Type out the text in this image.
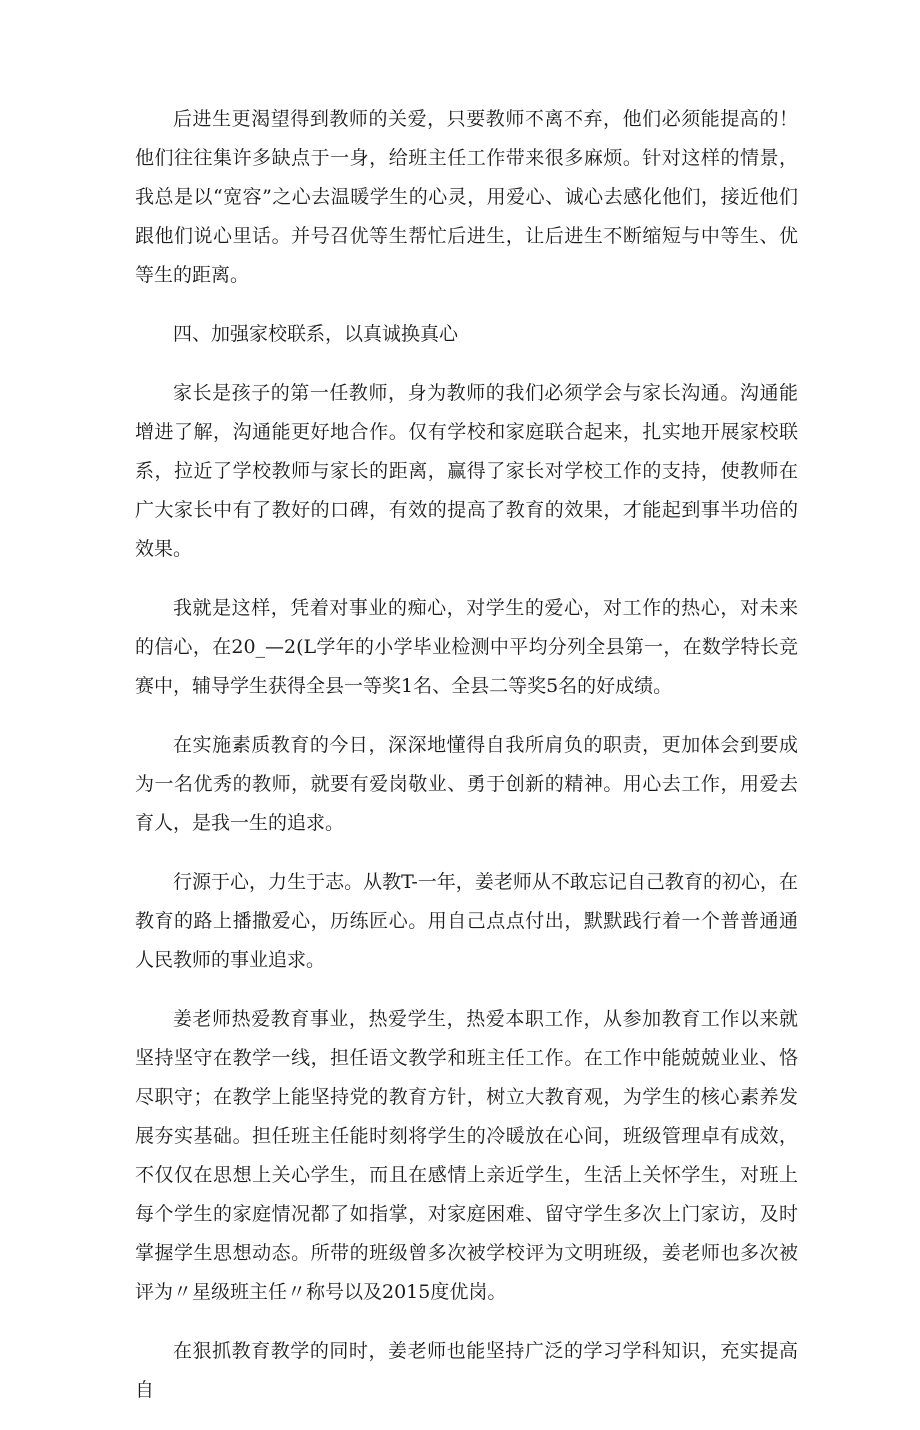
后进生更渴望得到教师的关爱，只要教师不离不弃，他们必须能提高的！他们往往集许多缺点于一身，给班主任工作带来很多麻烦。针对这样的情景，我总是以“宽容”之心去温暖学生的心灵，用爱心、诚心去感化他们，接近他们跟他们说心里话。并号召优等生帮忙后进生，让后进生不断缩短与中等生、优等生的距离。

四、加强家校联系，以真诚换真心

家长是孩子的第一任教师，身为教师的我们必须学会与家长沟通。沟通能增进了解，沟通能更好地合作。仅有学校和家庭联合起来，扎实地开展家校联系，拉近了学校教师与家长的距离，赢得了家长对学校工作的支持，使教师在广大家长中有了教好的口碑，有效的提高了教育的效果，才能起到事半功倍的效果。

我就是这样，凭着对事业的痴心，对学生的爱心，对工作的热心，对未来的信心，在20_—2(L学年的小学毕业检测中平均分列全县第一，在数学特长竞赛中，辅导学生获得全县一等奖1名、全县二等奖5名的好成绩。

在实施素质教育的今日，深深地懂得自我所肩负的职责，更加体会到要成为一名优秀的教师，就要有爱岗敬业、勇于创新的精神。用心去工作，用爱去育人，是我一生的追求。

行源于心，力生于志。从教T-一年，姜老师从不敢忘记自己教育的初心，在教育的路上播撒爱心，历练匠心。用自己点点付出，默默践行着一个普普通通人民教师的事业追求。

姜老师热爱教育事业，热爱学生，热爱本职工作，从参加教育工作以来就坚持坚守在教学一线，担任语文教学和班主任工作。在工作中能兢兢业业、恪尽职守；在教学上能坚持党的教育方针，树立大教育观，为学生的核心素养发展夯实基础。担任班主任能时刻将学生的冷暖放在心间，班级管理卓有成效，不仅仅在思想上关心学生，而且在感情上亲近学生，生活上关怀学生，对班上每个学生的家庭情况都了如指掌，对家庭困难、留守学生多次上门家访，及时掌握学生思想动态。所带的班级曾多次被学校评为文明班级，姜老师也多次被评为〃星级班主任〃称号以及2015度优岗。

在狠抓教育教学的同时，姜老师也能坚持广泛的学习学科知识，充实提高自
